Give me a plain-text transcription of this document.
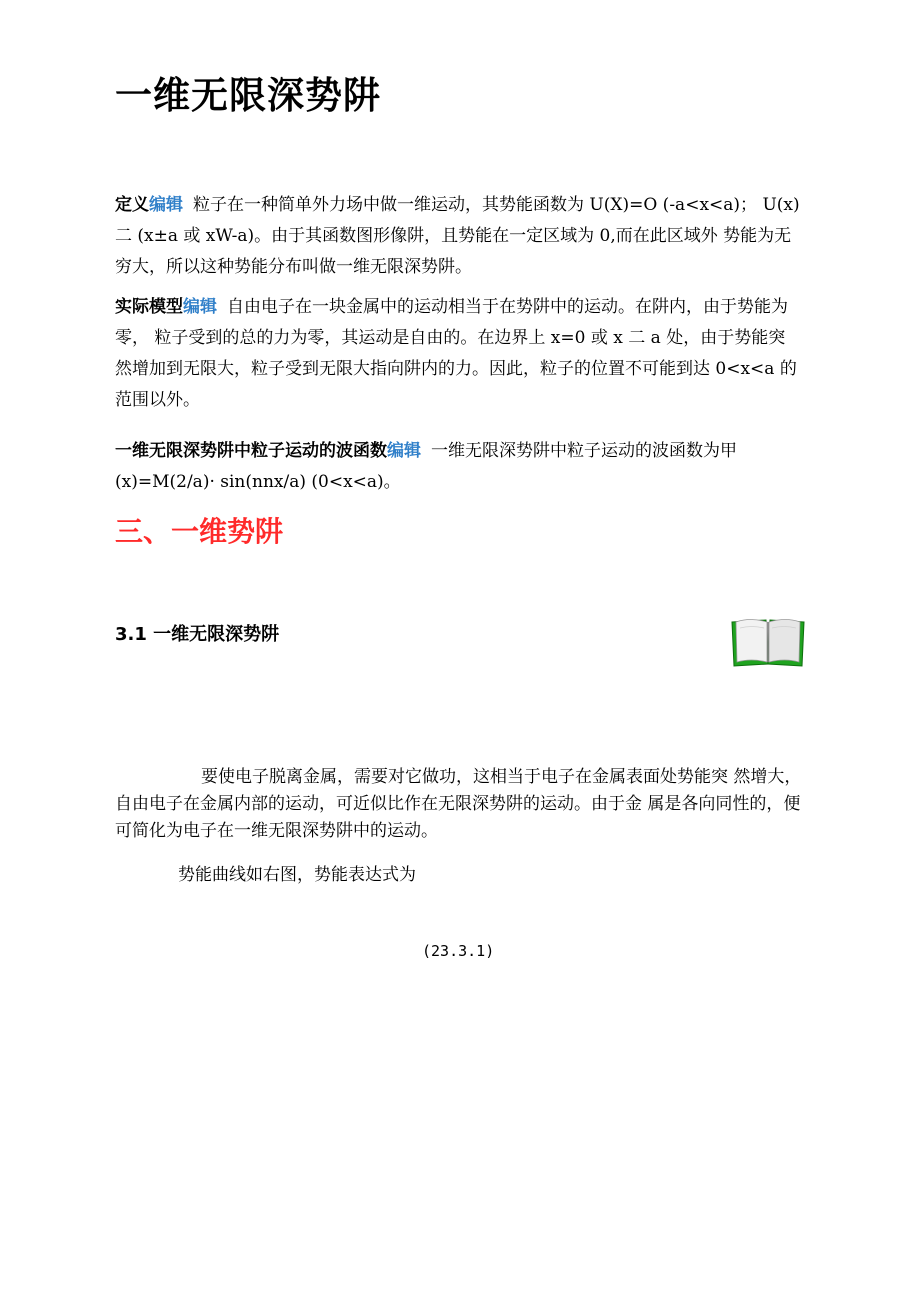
一维无限深势阱

定义编辑 粒子在一种简单外力场中做一维运动，其势能函数为 U(X)=O (-a<x<a)； U(x)二 (x±a 或 xW-a)。由于其函数图形像阱，且势能在一定区域为 0,而在此区域外 势能为无穷大，所以这种势能分布叫做一维无限深势阱。

实际模型编辑 自由电子在一块金属中的运动相当于在势阱中的运动。在阱内，由于势能为零， 粒子受到的总的力为零，其运动是自由的。在边界上 x=0 或 x 二 a 处，由于势能突 然增加到无限大，粒子受到无限大指向阱内的力。因此，粒子的位置不可能到达 0<x<a 的范围以外。

一维无限深势阱中粒子运动的波函数编辑 一维无限深势阱中粒子运动的波函数为甲(x)=M(2/a)· sin(nnx/a) (0<x<a)。

三、一维势阱
3.1 一维无限深势阱

要使电子脱离金属，需要对它做功，这相当于电子在金属表面处势能突 然增大，自由电子在金属内部的运动，可近似比作在无限深势阱的运动。由于金 属是各向同性的，便可简化为电子在一维无限深势阱中的运动。

势能曲线如右图，势能表达式为

(23.3.1)
